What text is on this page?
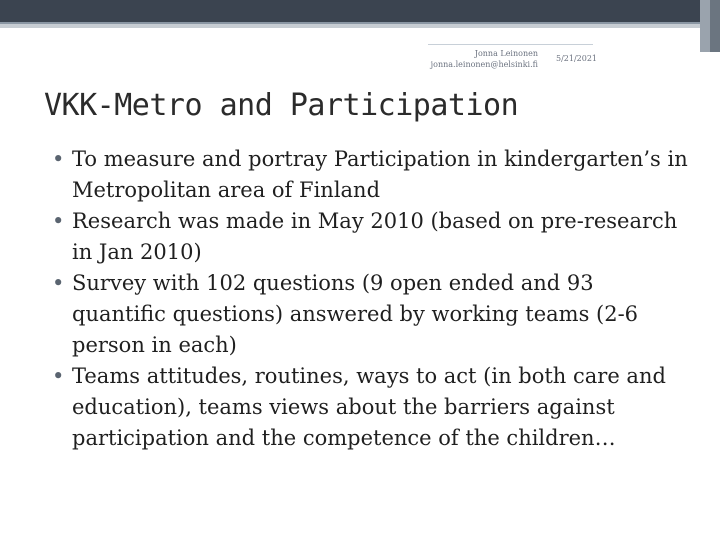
Jonna Leinonen
jonna.leinonen@helsinki.fi
5/21/2021
VKK-Metro and Participation
• To measure and portray Participation in kindergarten’s in Metropolitan area of Finland
• Research was made in May 2010 (based on pre-research in Jan 2010)
• Survey with 102 questions (9 open ended and 93 quantific questions) answered by working teams (2-6 person in each)
• Teams attitudes, routines, ways to act (in both care and education), teams views about the barriers against participation and the competence of the children…
